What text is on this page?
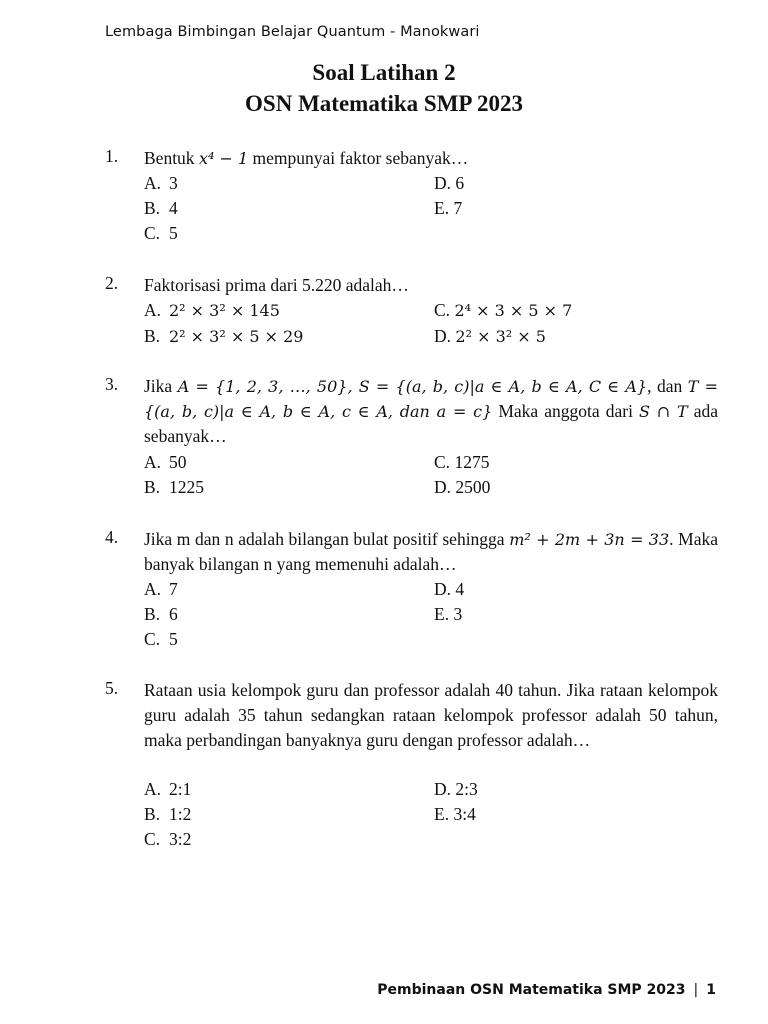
Lembaga Bimbingan Belajar Quantum - Manokwari
Soal Latihan 2
OSN Matematika SMP 2023
1. Bentuk x⁴ − 1 mempunyai faktor sebanyak…
A. 3
B. 4
C. 5
D. 6
E. 7
2. Faktorisasi prima dari 5.220 adalah…
A. 2² × 3² × 145
B. 2² × 3² × 5 × 29
C. 2⁴ × 3 × 5 × 7
D. 2² × 3² × 5
3. Jika A = {1, 2, 3, …, 50}, S = {(a, b, c)|a ∈ A, b ∈ A, C ∈ A}, dan T = {(a, b, c)|a ∈ A, b ∈ A, c ∈ A, dan a = c} Maka anggota dari S ∩ T ada sebanyak…
A. 50
B. 1225
C. 1275
D. 2500
4. Jika m dan n adalah bilangan bulat positif sehingga m² + 2m + 3n = 33. Maka banyak bilangan n yang memenuhi adalah…
A. 7
B. 6
C. 5
D. 4
E. 3
5. Rataan usia kelompok guru dan professor adalah 40 tahun. Jika rataan kelompok guru adalah 35 tahun sedangkan rataan kelompok professor adalah 50 tahun, maka perbandingan banyaknya guru dengan professor adalah…
A. 2:1
B. 1:2
C. 3:2
D. 2:3
E. 3:4
Pembinaan OSN Matematika SMP 2023 | 1
